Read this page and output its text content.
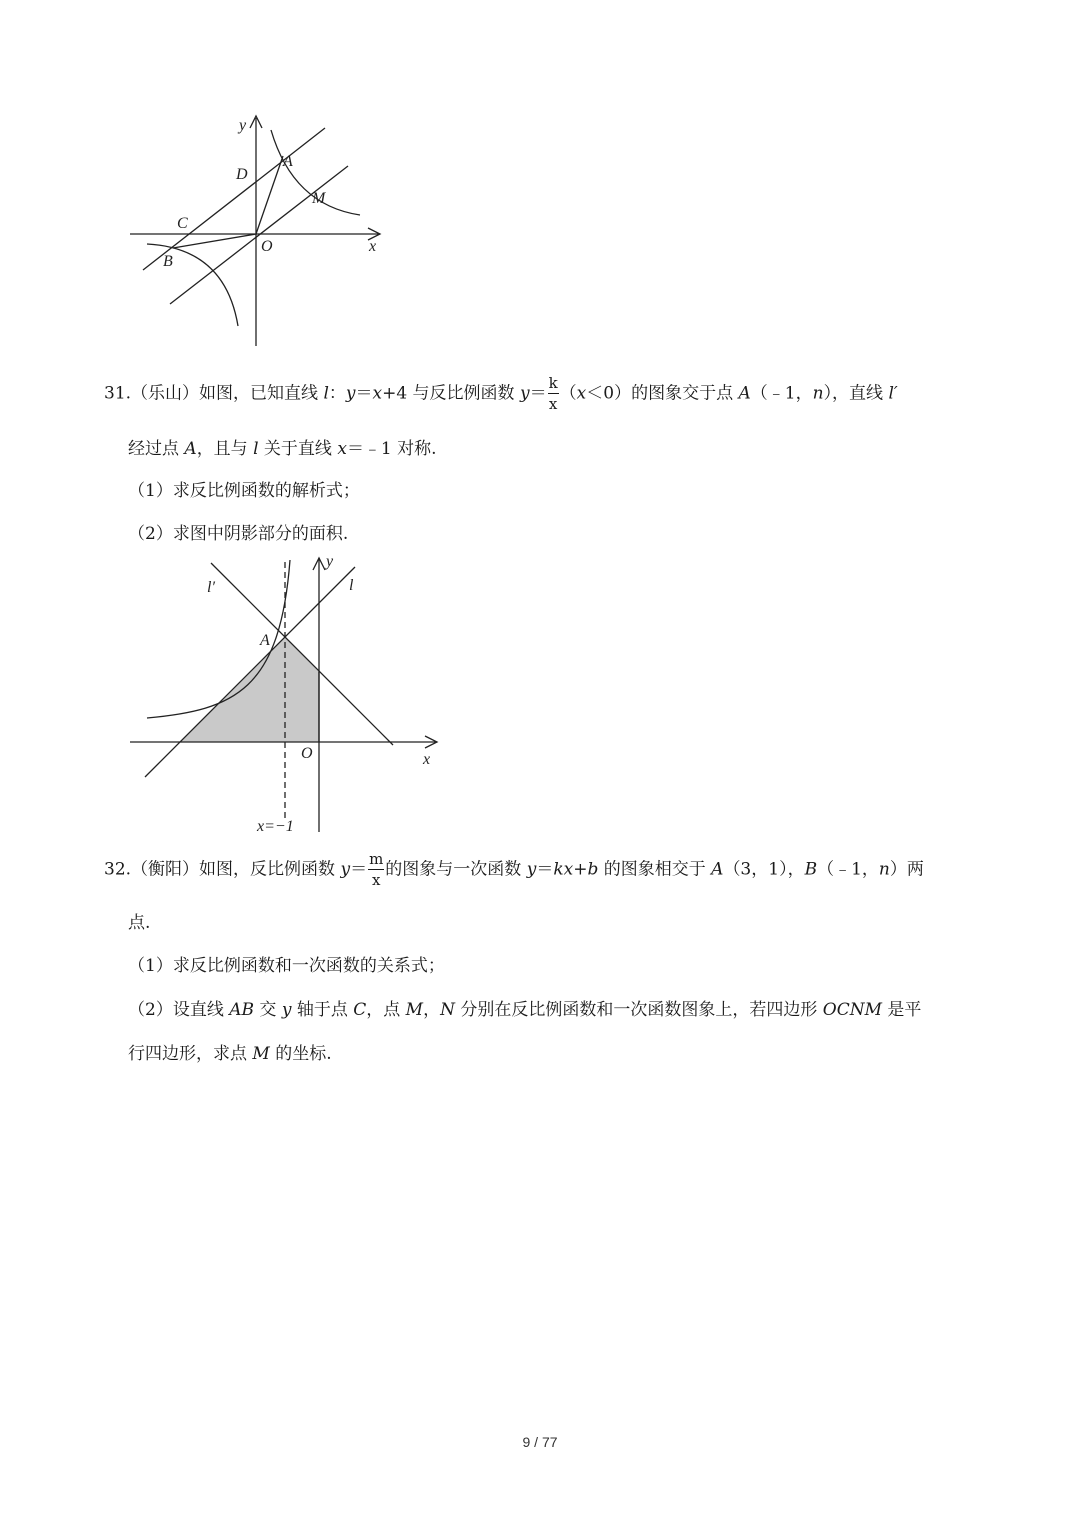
y
x
O
A
B
C
D
M
31.（乐山）如图，已知直线 l：y＝x+4 与反比例函数 $y= \frac{k}{x} (x<0)$的图象交于点 A（﹣1，n），直线 l′
经过点 A，且与 l 关于直线 x＝﹣1 对称.
（1）求反比例函数的解析式；
（2）求图中阴影部分的面积.
l′
y
l
A
O	x
x=−1
32.（衡阳）如图，反比例函数 $y= \frac{m}{x}$ 的图象与一次函数 y＝kx+b 的图象相交于 A（3，1），B（﹣1，n）两
点.
（1）求反比例函数和一次函数的关系式；
（2）设直线 AB 交 y 轴于点 C，点 M，N 分别在反比例函数和一次函数图象上，若四边形 OCNM 是平
行四边形，求点 M 的坐标.
9 / 77
